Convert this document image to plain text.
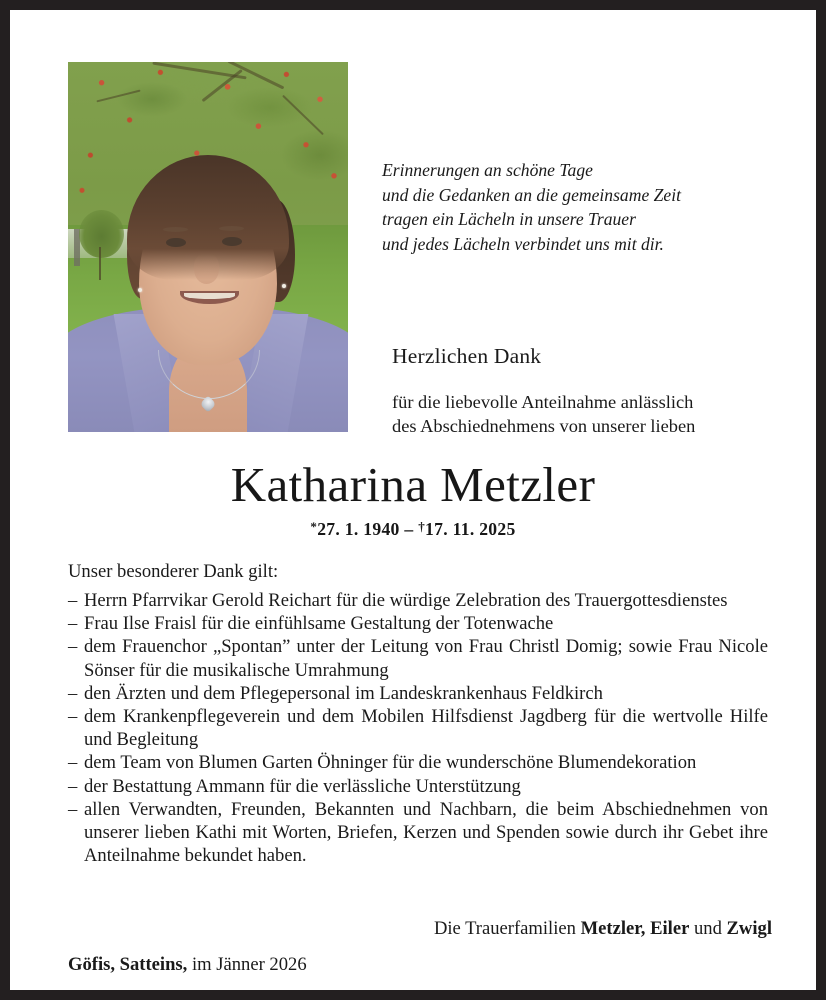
Erinnerungen an schöne Tage
und die Gedanken an die gemeinsame Zeit
tragen ein Lächeln in unsere Trauer
und jedes Lächeln verbindet uns mit dir.
Herzlichen Dank
für die liebevolle Anteilnahme anlässlich
des Abschiednehmens von unserer lieben
Katharina Metzler
*27. 1. 1940 – †17. 11. 2025
Unser besonderer Dank gilt:
– Herrn Pfarrvikar Gerold Reichart für die würdige Zelebration des Trauergottesdienstes
– Frau Ilse Fraisl für die einfühlsame Gestaltung der Totenwache
– dem Frauenchor „Spontan” unter der Leitung von Frau Christl Domig; sowie Frau Nicole Sönser für die musikalische Umrahmung
– den Ärzten und dem Pflegepersonal im Landeskrankenhaus Feldkirch
– dem Krankenpflegeverein und dem Mobilen Hilfsdienst Jagdberg für die wertvolle Hilfe und Begleitung
– dem Team von Blumen Garten Öhninger für die wunderschöne Blumendekoration
– der Bestattung Ammann für die verlässliche Unterstützung
– allen Verwandten, Freunden, Bekannten und Nachbarn, die beim Abschiednehmen von unserer lieben Kathi mit Worten, Briefen, Kerzen und Spenden sowie durch ihr Gebet ihre Anteilnahme bekundet haben.
Die Trauerfamilien Metzler, Eiler und Zwigl
Göfis, Satteins, im Jänner 2026
